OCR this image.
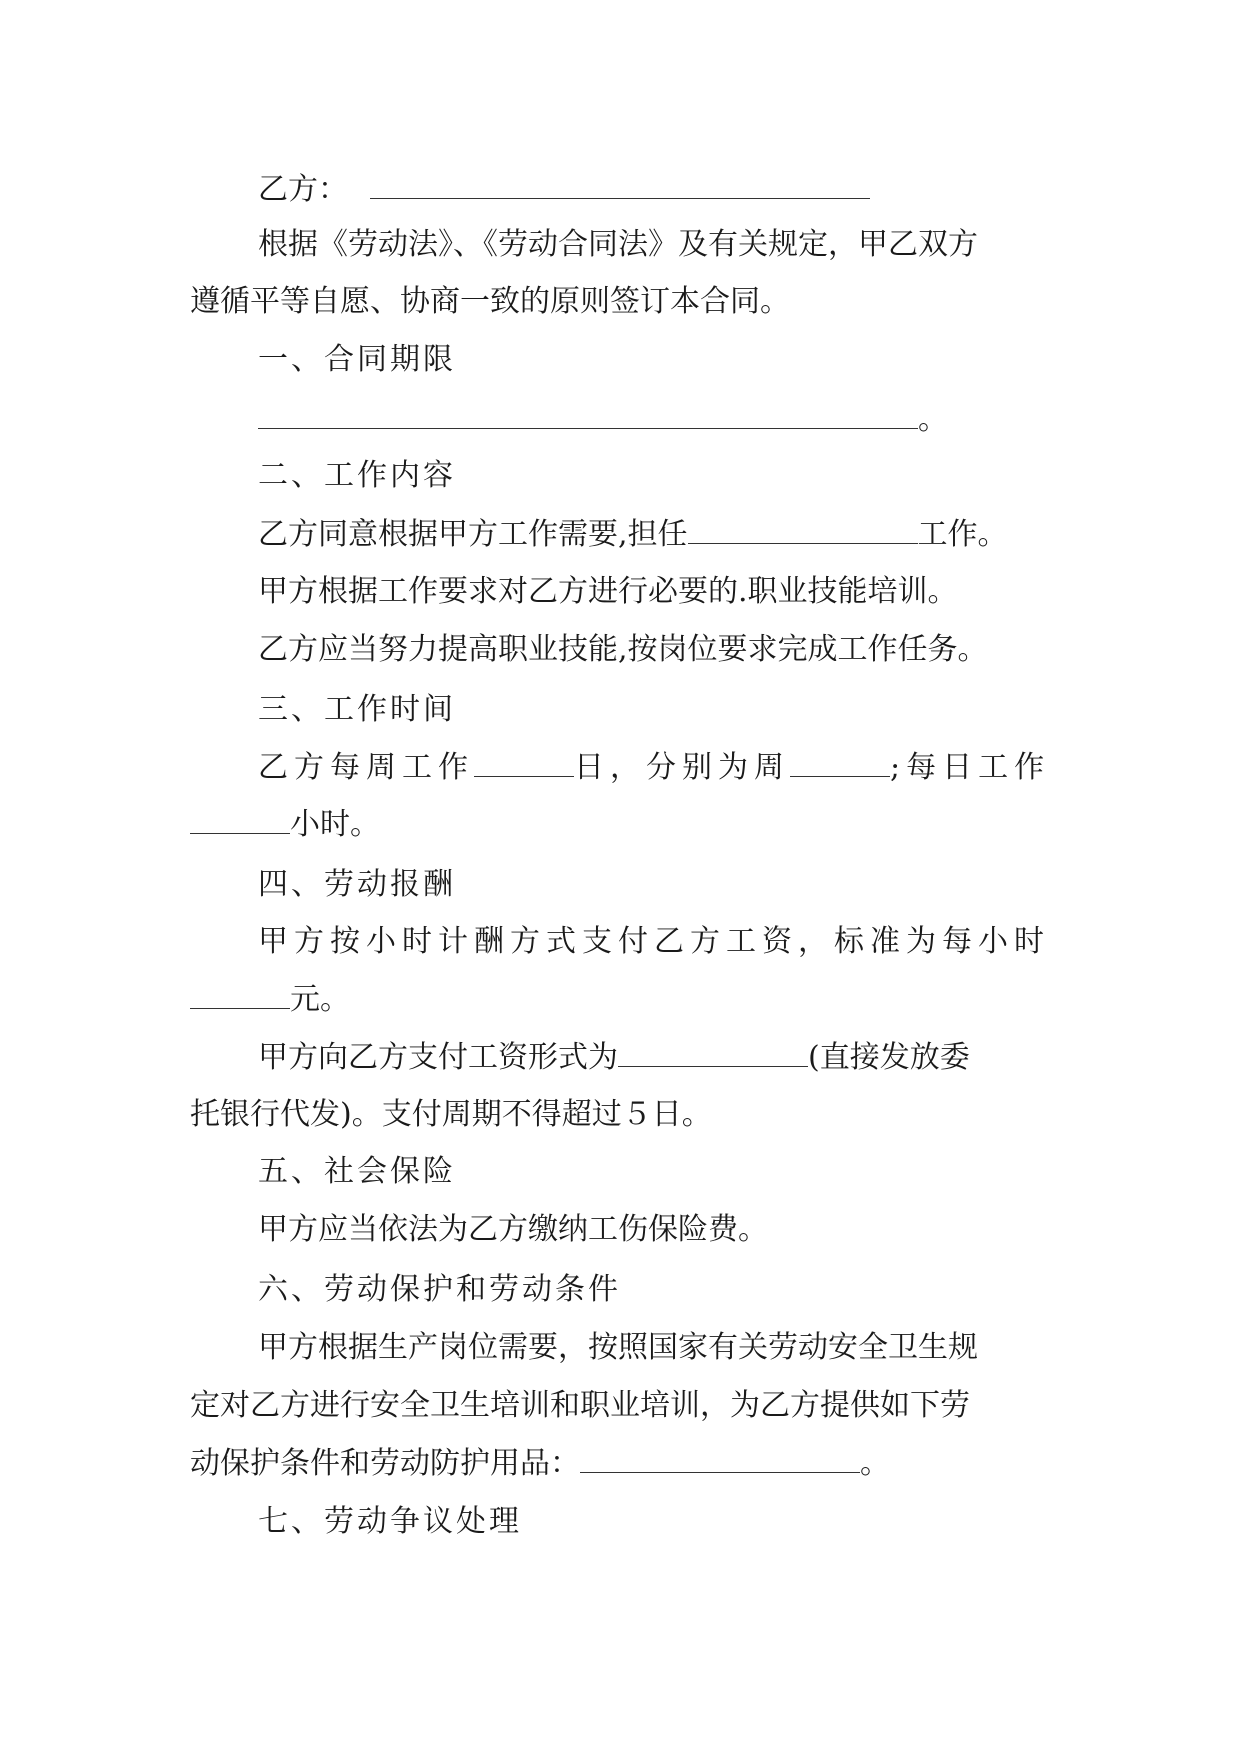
乙方：
根据《劳动法》、《劳动合同法》及有关规定，甲乙双方
遵循平等自愿、协商一致的原则签订本合同。
一、合同期限
。
二、工作内容
乙方同意根据甲方工作需要,担任	工作。
甲方根据工作要求对乙方进行必要的.职业技能培训。
乙方应当努力提高职业技能,按岗位要求完成工作任务。
三、工作时间
乙方每周工作	日，分别为周	;每日工作
小时。
四、劳动报酬
甲方按小时计酬方式支付乙方工资，标准为每小时
元。
甲方向乙方支付工资形式为	(直接发放委
托银行代发)。支付周期不得超过５日。
五、社会保险
甲方应当依法为乙方缴纳工伤保险费。
六、劳动保护和劳动条件
甲方根据生产岗位需要，按照国家有关劳动安全卫生规
定对乙方进行安全卫生培训和职业培训，为乙方提供如下劳
动保护条件和劳动防护用品：	。
七、劳动争议处理
